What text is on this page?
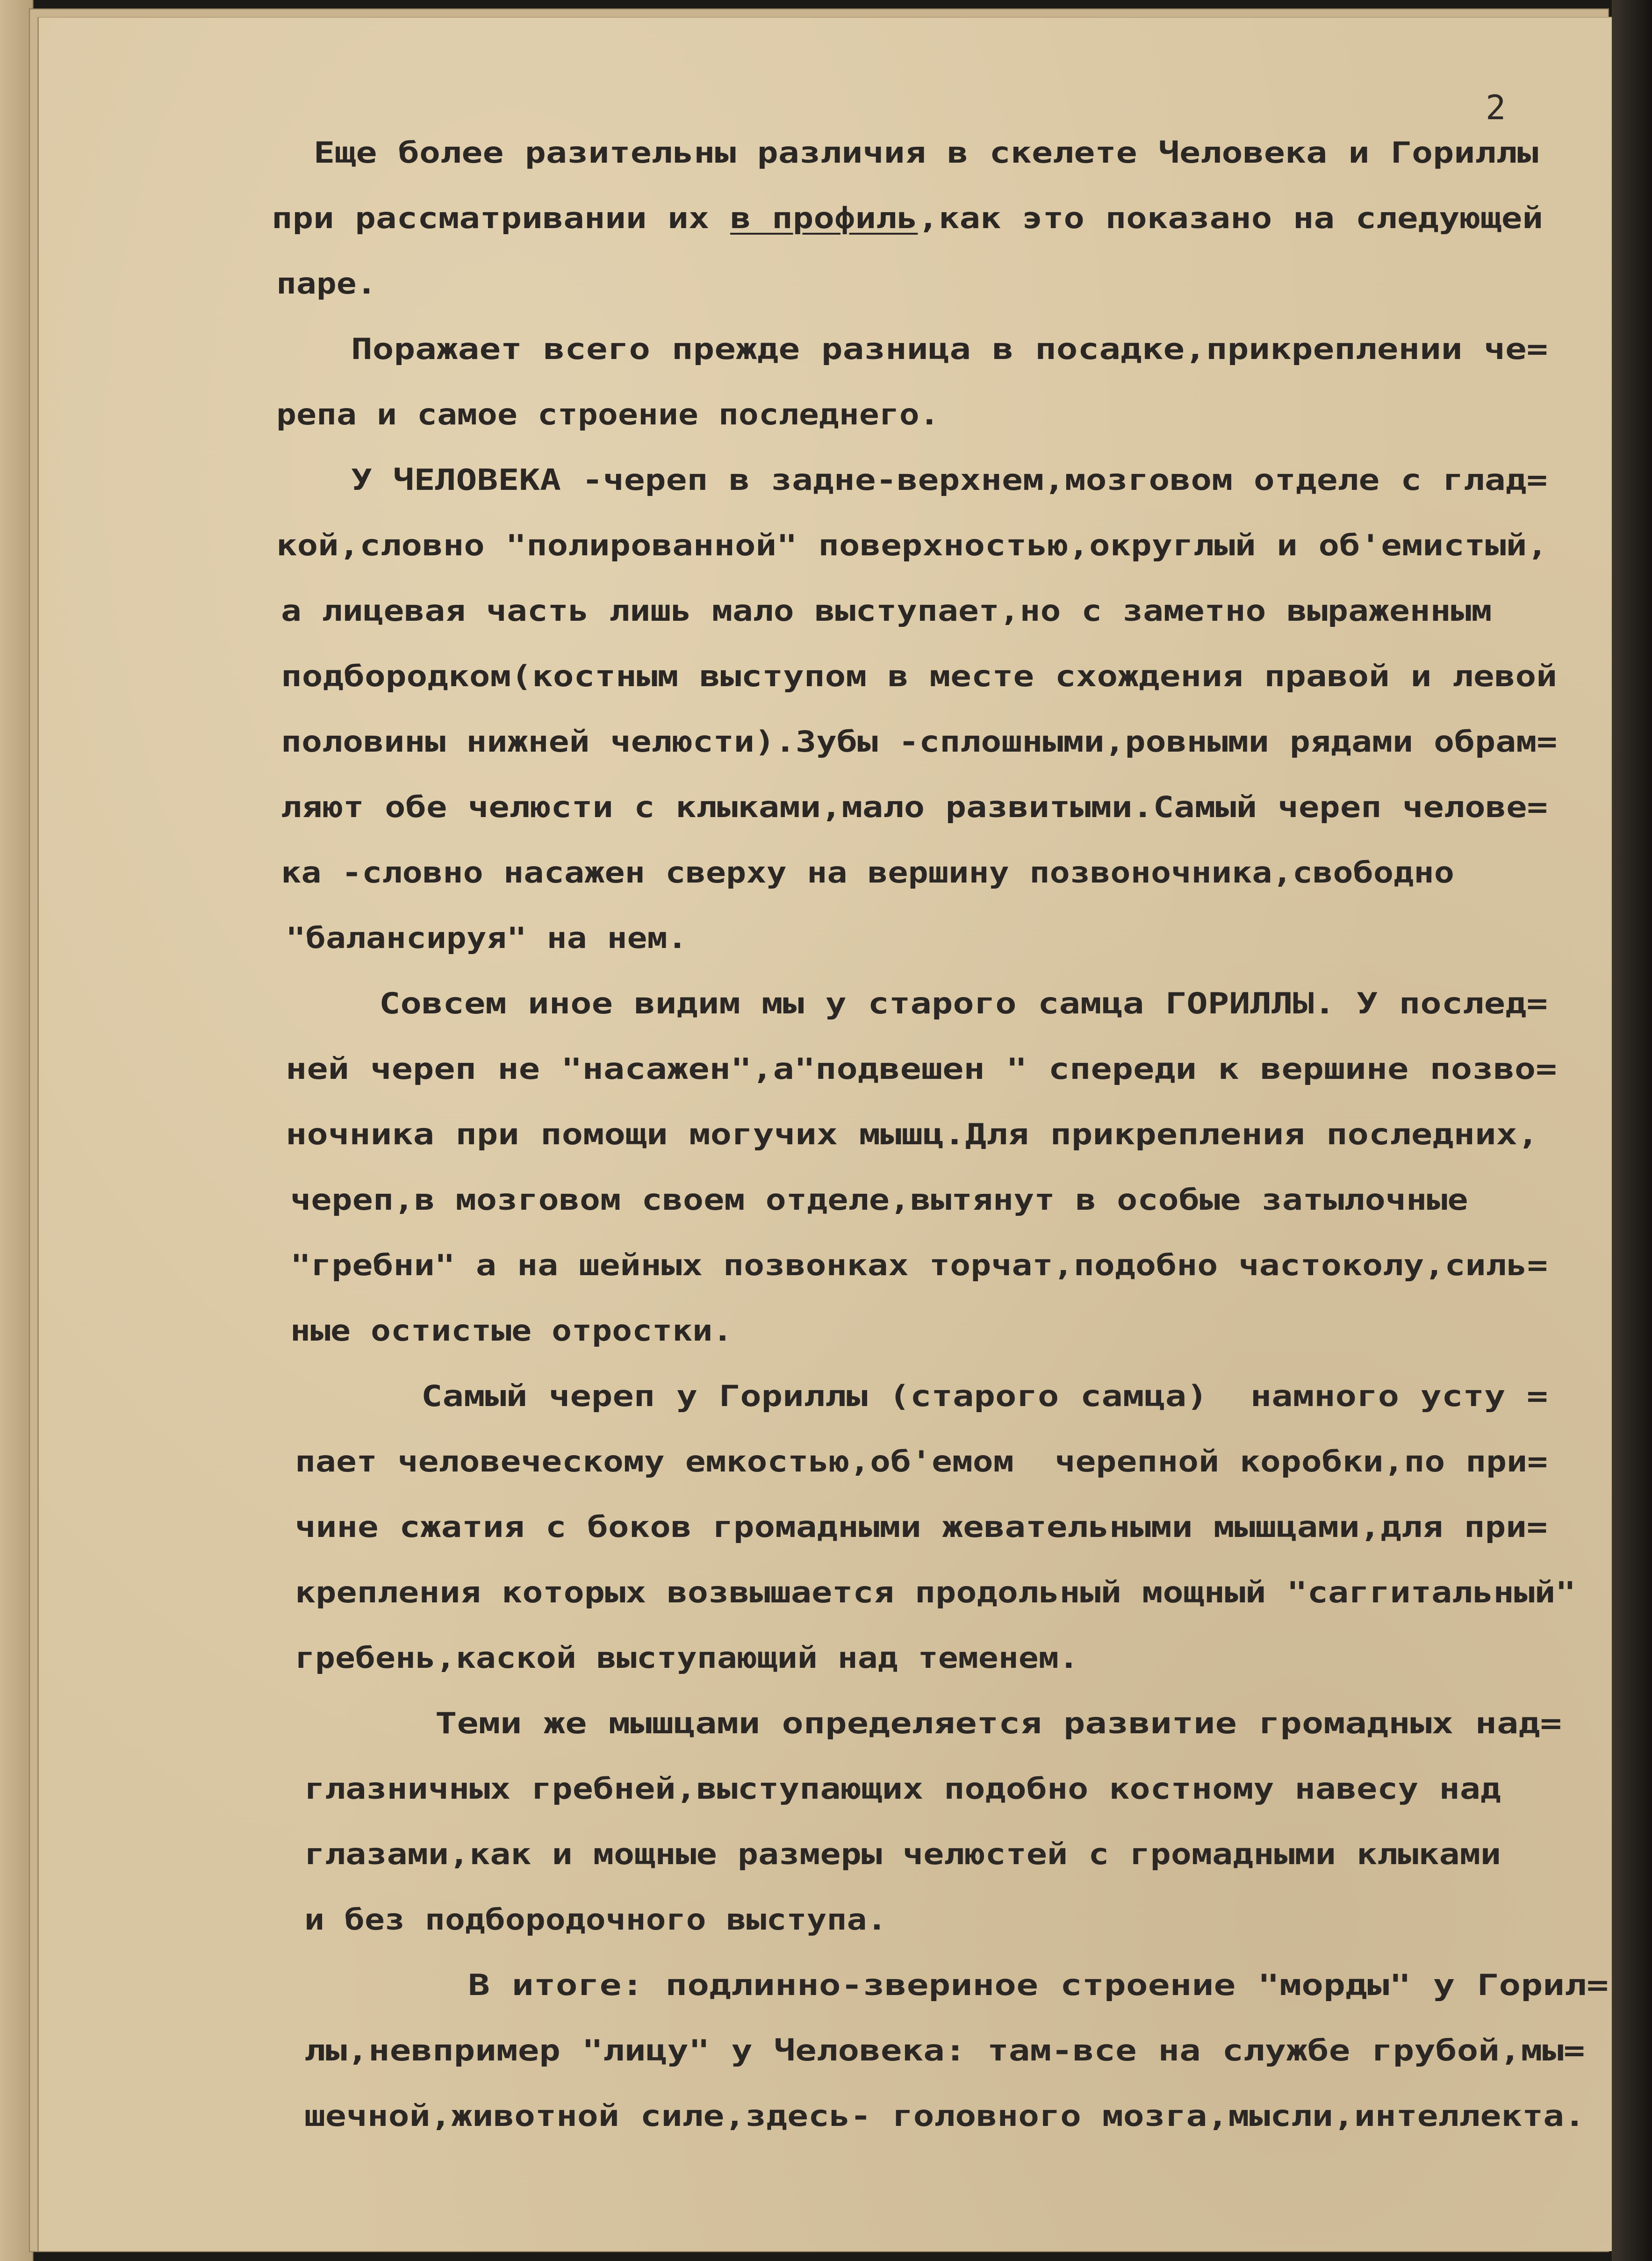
2
Еще более разительны различия в скелете Человека и Гориллы
при рассматривании их в профиль,как это показано на следующей
паре.
Поражает всего прежде разница в посадке,прикреплении че=
репа и самое строение последнего.
У ЧЕЛОВЕКА -череп в задне-верхнем,мозговом отделе с глад=
кой,словно "полированной" поверхностью,округлый и об'емистый,
а лицевая часть лишь мало выступает,но с заметно выраженным
подбородком(костным выступом в месте схождения правой и левой
половины нижней челюсти).Зубы -сплошными,ровными рядами обрам=
ляют обе челюсти с клыками,мало развитыми.Самый череп челове=
ка -словно насажен сверху на вершину позвоночника,свободно
"балансируя" на нем.
Совсем иное видим мы у старого самца ГОРИЛЛЫ. У послед=
ней череп не "насажен",а"подвешен " спереди к вершине позво=
ночника при помощи могучих мышц.Для прикрепления последних,
череп,в мозговом своем отделе,вытянут в особые затылочные
"гребни" а на шейных позвонках торчат,подобно частоколу,силь=
ные остистые отростки.
Самый череп у Гориллы (старого самца)  намного усту =
пает человеческому емкостью,об'емом  черепной коробки,по при=
чине сжатия с боков громадными жевательными мышцами,для при=
крепления которых возвышается продольный мощный "саггитальный"
гребень,каской выступающий над теменем.
Теми же мышцами определяется развитие громадных над=
глазничных гребней,выступающих подобно костному навесу над
глазами,как и мощные размеры челюстей с громадными клыками
и без подбородочного выступа.
В итоге: подлинно-звериное строение "морды" у Горил=
лы,невпример "лицу" у Человека: там-все на службе грубой,мы=
шечной,животной силе,здесь- головного мозга,мысли,интеллекта.
